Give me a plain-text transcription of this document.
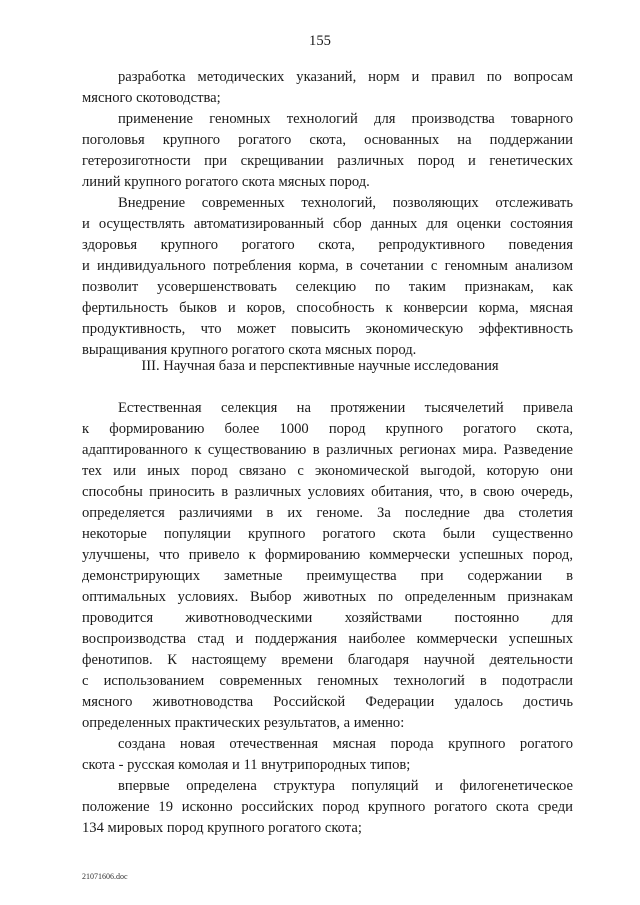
155
разработка методических указаний, норм и правил по вопросам
мясного скотоводства;
применение геномных технологий для производства товарного
поголовья крупного рогатого скота, основанных на поддержании
гетерозиготности при скрещивании различных пород и генетических
линий крупного рогатого скота мясных пород.
Внедрение современных технологий, позволяющих отслеживать
и осуществлять автоматизированный сбор данных для оценки состояния
здоровья крупного рогатого скота, репродуктивного поведения
и индивидуального потребления корма, в сочетании с геномным анализом
позволит усовершенствовать селекцию по таким признакам, как
фертильность быков и коров, способность к конверсии корма, мясная
продуктивность, что может повысить экономическую эффективность
выращивания крупного рогатого скота мясных пород.
III. Научная база и перспективные научные исследования
Естественная селекция на протяжении тысячелетий привела
к формированию более 1000 пород крупного рогатого скота,
адаптированного к существованию в различных регионах мира. Разведение
тех или иных пород связано с экономической выгодой, которую они
способны приносить в различных условиях обитания, что, в свою очередь,
определяется различиями в их геноме. За последние два столетия
некоторые популяции крупного рогатого скота были существенно
улучшены, что привело к формированию коммерчески успешных пород,
демонстрирующих заметные преимущества при содержании в
оптимальных условиях. Выбор животных по определенным признакам
проводится животноводческими хозяйствами постоянно для
воспроизводства стад и поддержания наиболее коммерчески успешных
фенотипов. К настоящему времени благодаря научной деятельности
с использованием современных геномных технологий в подотрасли
мясного животноводства Российской Федерации удалось достичь
определенных практических результатов, а именно:
создана новая отечественная мясная порода крупного рогатого
скота - русская комолая и 11 внутрипородных типов;
впервые определена структура популяций и филогенетическое
положение 19 исконно российских пород крупного рогатого скота среди
134 мировых пород крупного рогатого скота;
21071606.doc
